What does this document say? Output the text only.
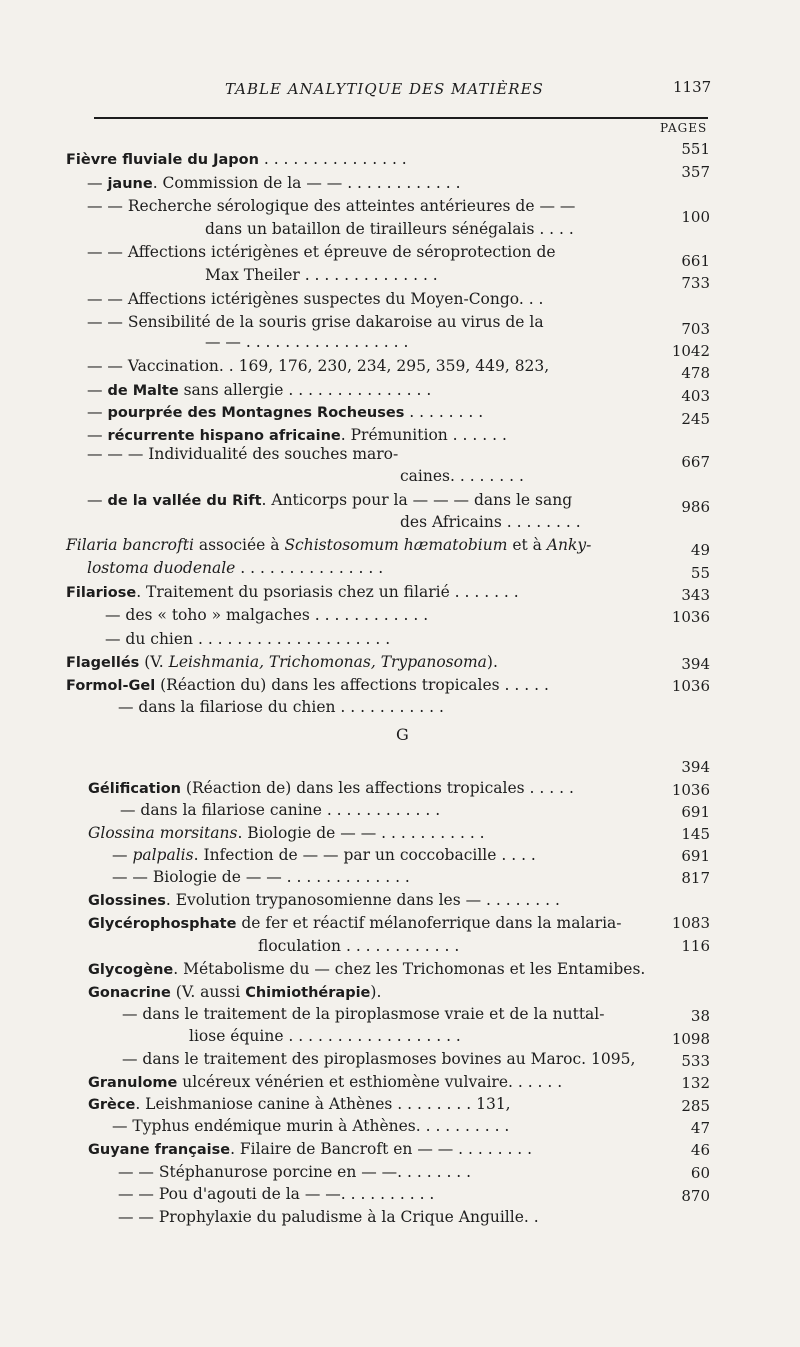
TABLE ANALYTIQUE DES MATIÈRES	1137
PAGES
G
Fièvre fluviale du Japon . . . . . . . . . . . . . . .
551
— jaune. Commission de la — — . . . . . . . . . . . .
357
— — Recherche sérologique des atteintes antérieures de — —
dans un bataillon de tirailleurs sénégalais . . . .
100
— — Affections ictérigènes et épreuve de séroprotection de
Max Theiler . . . . . . . . . . . . . .
661
— — Affections ictérigènes suspectes du Moyen-Congo. . .
733
— — Sensibilité de la souris grise dakaroise au virus de la
— — . . . . . . . . . . . . . . . . .
703
— — Vaccination. . 169, 176, 230, 234, 295, 359, 449, 823,
1042
— de Malte sans allergie . . . . . . . . . . . . . . .
478
— pourprée des Montagnes Rocheuses . . . . . . . .
403
— récurrente hispano africaine. Prémunition . . . . . .
245
— — — Individualité des souches maro-
caines. . . . . . . .
667
— de la vallée du Rift. Anticorps pour la — — — dans le sang
des Africains . . . . . . . .
986
Filaria bancrofti associée à Schistosomum hæmatobium et à Anky-
lostoma duodenale . . . . . . . . . . . . . . .
49
Filariose. Traitement du psoriasis chez un filarié . . . . . . .
55
— des « toho » malgaches . . . . . . . . . . . .
343
— du chien . . . . . . . . . . . . . . . . . . . .
1036
Flagellés (V. Leishmania, Trichomonas, Trypanosoma).
Formol-Gel (Réaction du) dans les affections tropicales . . . . .
394
— dans la filariose du chien . . . . . . . . . . .
1036
Gélification (Réaction de) dans les affections tropicales . . . . .
394
— dans la filariose canine . . . . . . . . . . . .
1036
Glossina morsitans. Biologie de — — . . . . . . . . . . .
691
— palpalis. Infection de — — par un coccobacille . . . .
145
— — Biologie de — — . . . . . . . . . . . . .
691
Glossines. Evolution trypanosomienne dans les — . . . . . . . .
817
Glycérophosphate de fer et réactif mélanoferrique dans la malaria-
floculation . . . . . . . . . . . .
1083
Glycogène. Métabolisme du — chez les Trichomonas et les Entamibes.
116
Gonacrine (V. aussi Chimiothérapie).
— dans le traitement de la piroplasmose vraie et de la nuttal-
liose équine . . . . . . . . . . . . . . . . . .
38
— dans le traitement des piroplasmoses bovines au Maroc. 1095,
1098
Granulome ulcéreux vénérien et esthiomène vulvaire. . . . . .
533
Grèce. Leishmaniose canine à Athènes . . . . . . . . 131,
132
— Typhus endémique murin à Athènes. . . . . . . . . .
285
Guyane française. Filaire de Bancroft en — — . . . . . . . .
47
— — Stéphanurose porcine en — —. . . . . . . .
46
— — Pou d'agouti de la — —. . . . . . . . . .
60
— — Prophylaxie du paludisme à la Crique Anguille. .
870
